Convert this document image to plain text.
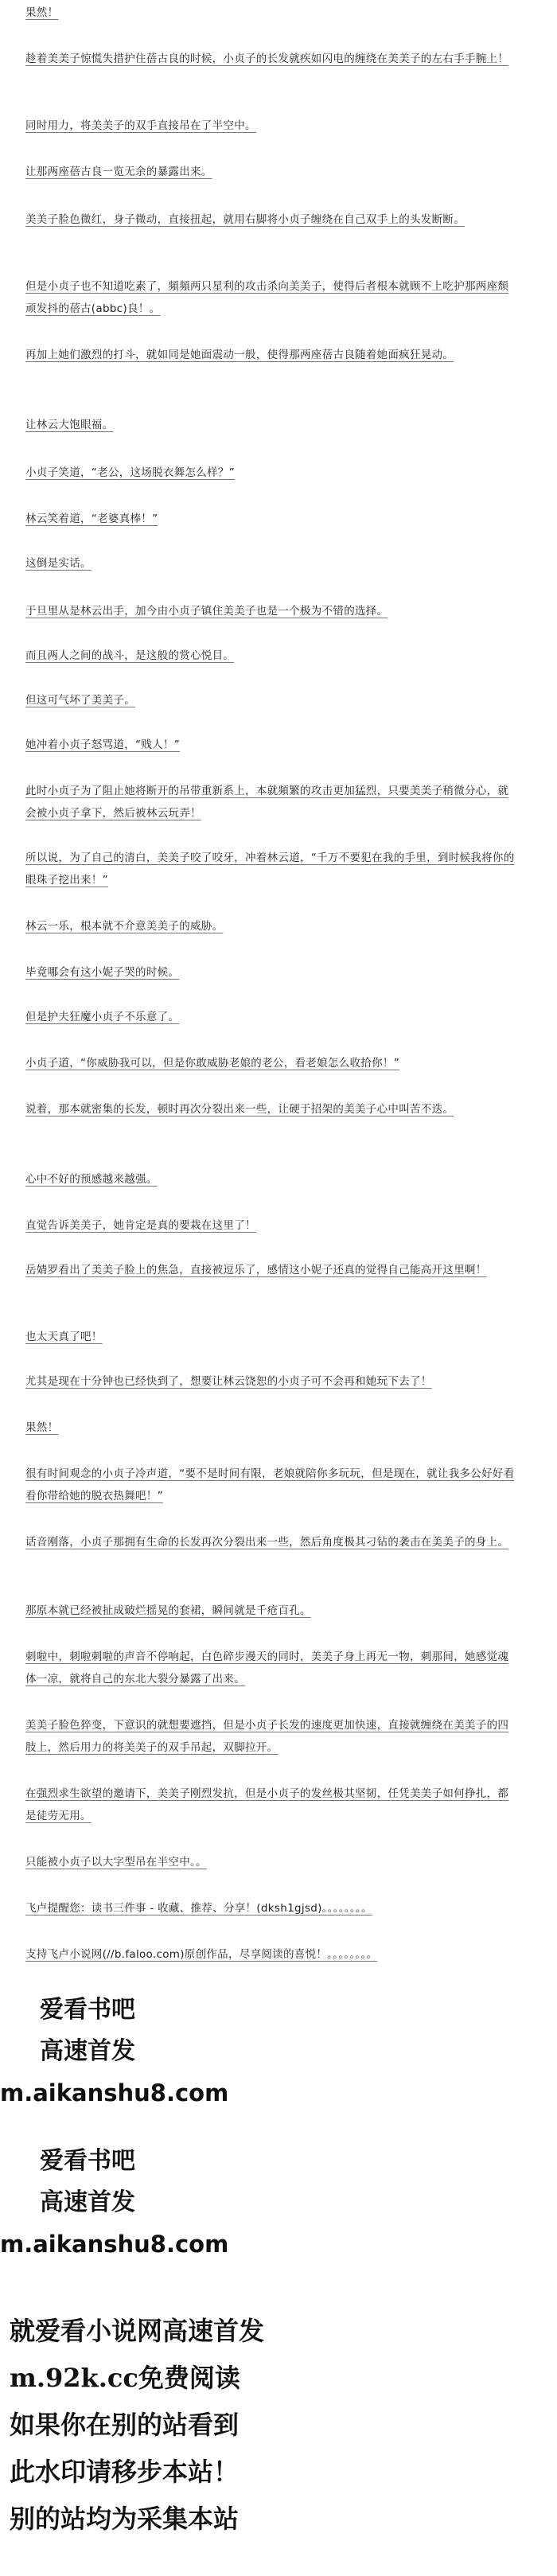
果然！

趁着美美子惊慌失措护住蓓古良的时候，小贞子的长发就疾如闪电的缠绕在美美子的左右手手腕上！

同时用力，将美美子的双手直接吊在了半空中。

让那两座蓓古良一览无余的暴露出来。

美美子脸色微红，身子微动，直接扭起，就用右脚将小贞子缠绕在自己双手上的头发断断。

但是小贞子也不知道吃素了，頻頻两只星利的攻击杀向美美子，使得后者根本就顾不上吃护那两座颓顽发抖的蓓古(abbc)良！。

再加上她们激烈的打斗，就如同是她面震动一般，使得那两座蓓古良随着她面疯狂晃动。

让林云大饱眼福。

小贞子笑道，“老公，这场脱衣舞怎么样？”

林云笑着道，“老婆真棒！”

这倒是实话。

于旦里从是林云出手，加今由小贞子镇住美美子也是一个极为不错的选择。

而且两人之间的战斗，是这般的赏心悦目。

但这可气坏了美美子。

她冲着小贞子怒骂道，“贱人！”

此时小贞子为了阻止她将断开的吊带重新系上，本就頻繁的攻击更加猛烈，只要美美子稍微分心，就会被小贞子拿下，然后被林云玩弄！

所以说，为了自己的清白，美美子咬了咬牙，冲着林云道，“千万不要犯在我的手里，到时候我将你的眼珠子挖出来！”

林云一乐，根本就不介意美美子的威胁。

毕竟哪会有这小妮子哭的时候。

但是护夫狂魔小贞子不乐意了。

小贞子道，“你威胁我可以，但是你敢威胁老娘的老公，看老娘怎么收拾你！”

说着，那本就密集的长发，顿时再次分裂出来一些，让硬于招架的美美子心中叫苦不迭。

心中不好的预感越来越强。

直觉告诉美美子，她肯定是真的要栽在这里了！

岳婧罗看出了美美子脸上的焦急，直接被逗乐了，感情这小妮子还真的觉得自己能高开这里啊！

也太天真了吧！

尤其是现在十分钟也已经快到了，想要让林云饶恕的小贞子可不会再和她玩下去了！

果然！

很有时间观念的小贞子冷声道，“要不是时间有限，老娘就陪你多玩玩，但是现在，就让我多公好好看看你带给她的脱衣热舞吧！”

话音刚落，小贞子那拥有生命的长发再次分裂出来一些，然后角度极其刁钻的袭击在美美子的身上。

那原本就已经被扯成破烂摇晃的套裙，瞬间就是千疮百孔。

刺啦中，刺啦刺啦的声音不停响起，白色碎步漫天的同时，美美子身上再无一物，刺那间，她感觉魂体一凉，就将自己的东北大裂分暴露了出来。

美美子脸色猝变，下意识的就想要遮挡，但是小贞子长发的速度更加快速，直接就缠绕在美美子的四肢上，然后用力的将美美子的双手吊起，双脚拉开。

在强烈求生欲望的邀请下，美美子刚烈发抗，但是小贞子的发丝极其坚韧，任凭美美子如何挣扎，都是徒劳无用。

只能被小贞子以大字型吊在半空中。。

飞卢提醒您：读书三件事 - 收藏、推荐、分享！(dksh1gjsd)。。。。。。。。

支持飞卢小说网(//b.faloo.com)原创作品，尽享阅读的喜悦！。。。。。。。。

爱看书吧
高速首发
m.aikanshu8.com
爱看书吧
高速首发
m.aikanshu8.com
就爱看小说网高速首发
m.92k.cc免费阅读
如果你在别的站看到
此水印请移步本站！
别的站均为采集本站
